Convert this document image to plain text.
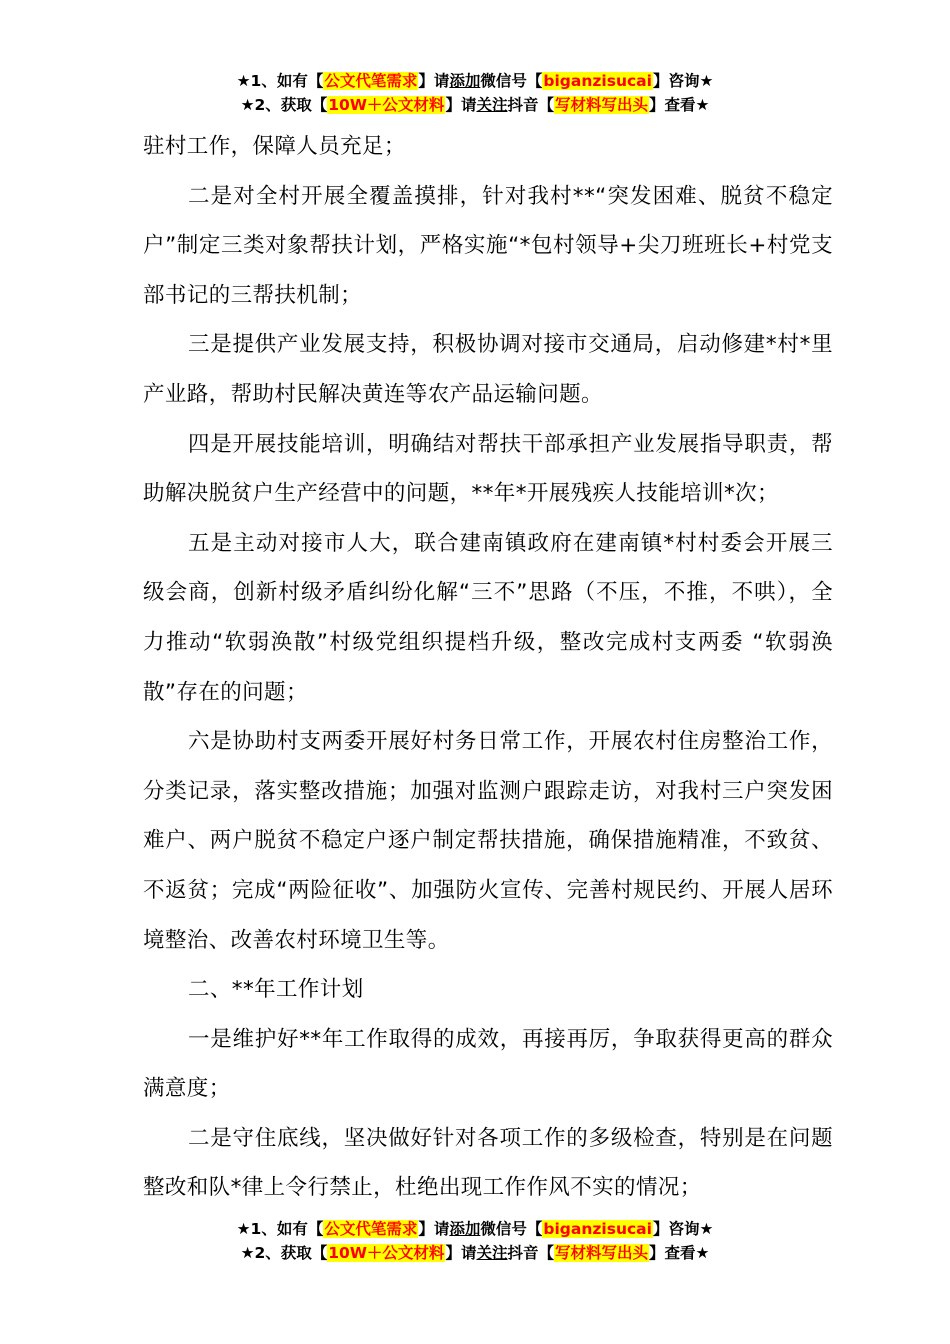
★1、如有【公文代笔需求】请添加微信号【biganzisucai】咨询★
★2、获取【10W＋公文材料】请关注抖音【写材料写出头】查看★

驻村工作，保障人员充足；

二是对全村开展全覆盖摸排，针对我村**“突发困难、脱贫不稳定户”制定三类对象帮扶计划，严格实施“*包村领导+尖刀班班长+村党支部书记的三帮扶机制；

三是提供产业发展支持，积极协调对接市交通局，启动修建*村*里产业路，帮助村民解决黄连等农产品运输问题。

四是开展技能培训，明确结对帮扶干部承担产业发展指导职责，帮助解决脱贫户生产经营中的问题，**年*开展残疾人技能培训*次；

五是主动对接市人大，联合建南镇政府在建南镇*村村委会开展三级会商，创新村级矛盾纠纷化解“三不”思路（不压，不推，不哄），全力推动“软弱涣散”村级党组织提档升级，整改完成村支两委 “软弱涣散”存在的问题；

六是协助村支两委开展好村务日常工作，开展农村住房整治工作，分类记录，落实整改措施；加强对监测户跟踪走访，对我村三户突发困难户、两户脱贫不稳定户逐户制定帮扶措施，确保措施精准，不致贫、不返贫；完成“两险征收”、加强防火宣传、完善村规民约、开展人居环境整治、改善农村环境卫生等。

二、**年工作计划

一是维护好**年工作取得的成效，再接再厉，争取获得更高的群众满意度；

二是守住底线，坚决做好针对各项工作的多级检查，特别是在问题整改和队*律上令行禁止，杜绝出现工作作风不实的情况；

★1、如有【公文代笔需求】请添加微信号【biganzisucai】咨询★
★2、获取【10W＋公文材料】请关注抖音【写材料写出头】查看★
